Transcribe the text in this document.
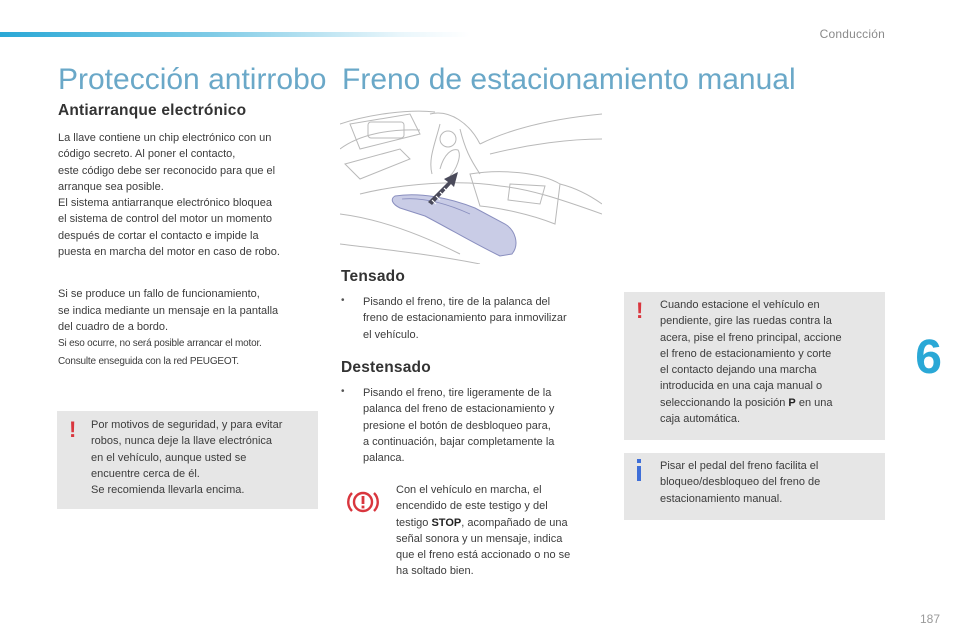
Conducción
6
187
Protección antirrobo Freno de estacionamiento manual
Antiarranque electrónico

La llave contiene un chip electrónico con un
código secreto. Al poner el contacto,
este código debe ser reconocido para que el
arranque sea posible.
El sistema antiarranque electrónico bloquea
el sistema de control del motor un momento
después de cortar el contacto e impide la
puesta en marcha del motor en caso de robo.

Si se produce un fallo de funcionamiento,
se indica mediante un mensaje en la pantalla
del cuadro de a bordo.
Si eso ocurre, no será posible arrancar el motor.
Consulte enseguida con la red PEUGEOT.

! Por motivos de seguridad, y para evitar
robos, nunca deje la llave electrónica
en el vehículo, aunque usted se
encuentre cerca de él.
Se recomienda llevarla encima.

Tensado
•	Pisando el freno, tire de la palanca del
freno de estacionamiento para inmovilizar
el vehículo.

Destensado
•	Pisando el freno, tire ligeramente de la
palanca del freno de estacionamiento y
presione el botón de desbloqueo para,
a continuación, bajar completamente la
palanca.

Con el vehículo en marcha, el
encendido de este testigo y del
testigo STOP, acompañado de una
señal sonora y un mensaje, indica
que el freno está accionado o no se
ha soltado bien.

! Cuando estacione el vehículo en
pendiente, gire las ruedas contra la
acera, pise el freno principal, accione
el freno de estacionamiento y corte
el contacto dejando una marcha
introducida en una caja manual o
seleccionando la posición P en una
caja automática.

Pisar el pedal del freno facilita el
bloqueo/desbloqueo del freno de
estacionamiento manual.
